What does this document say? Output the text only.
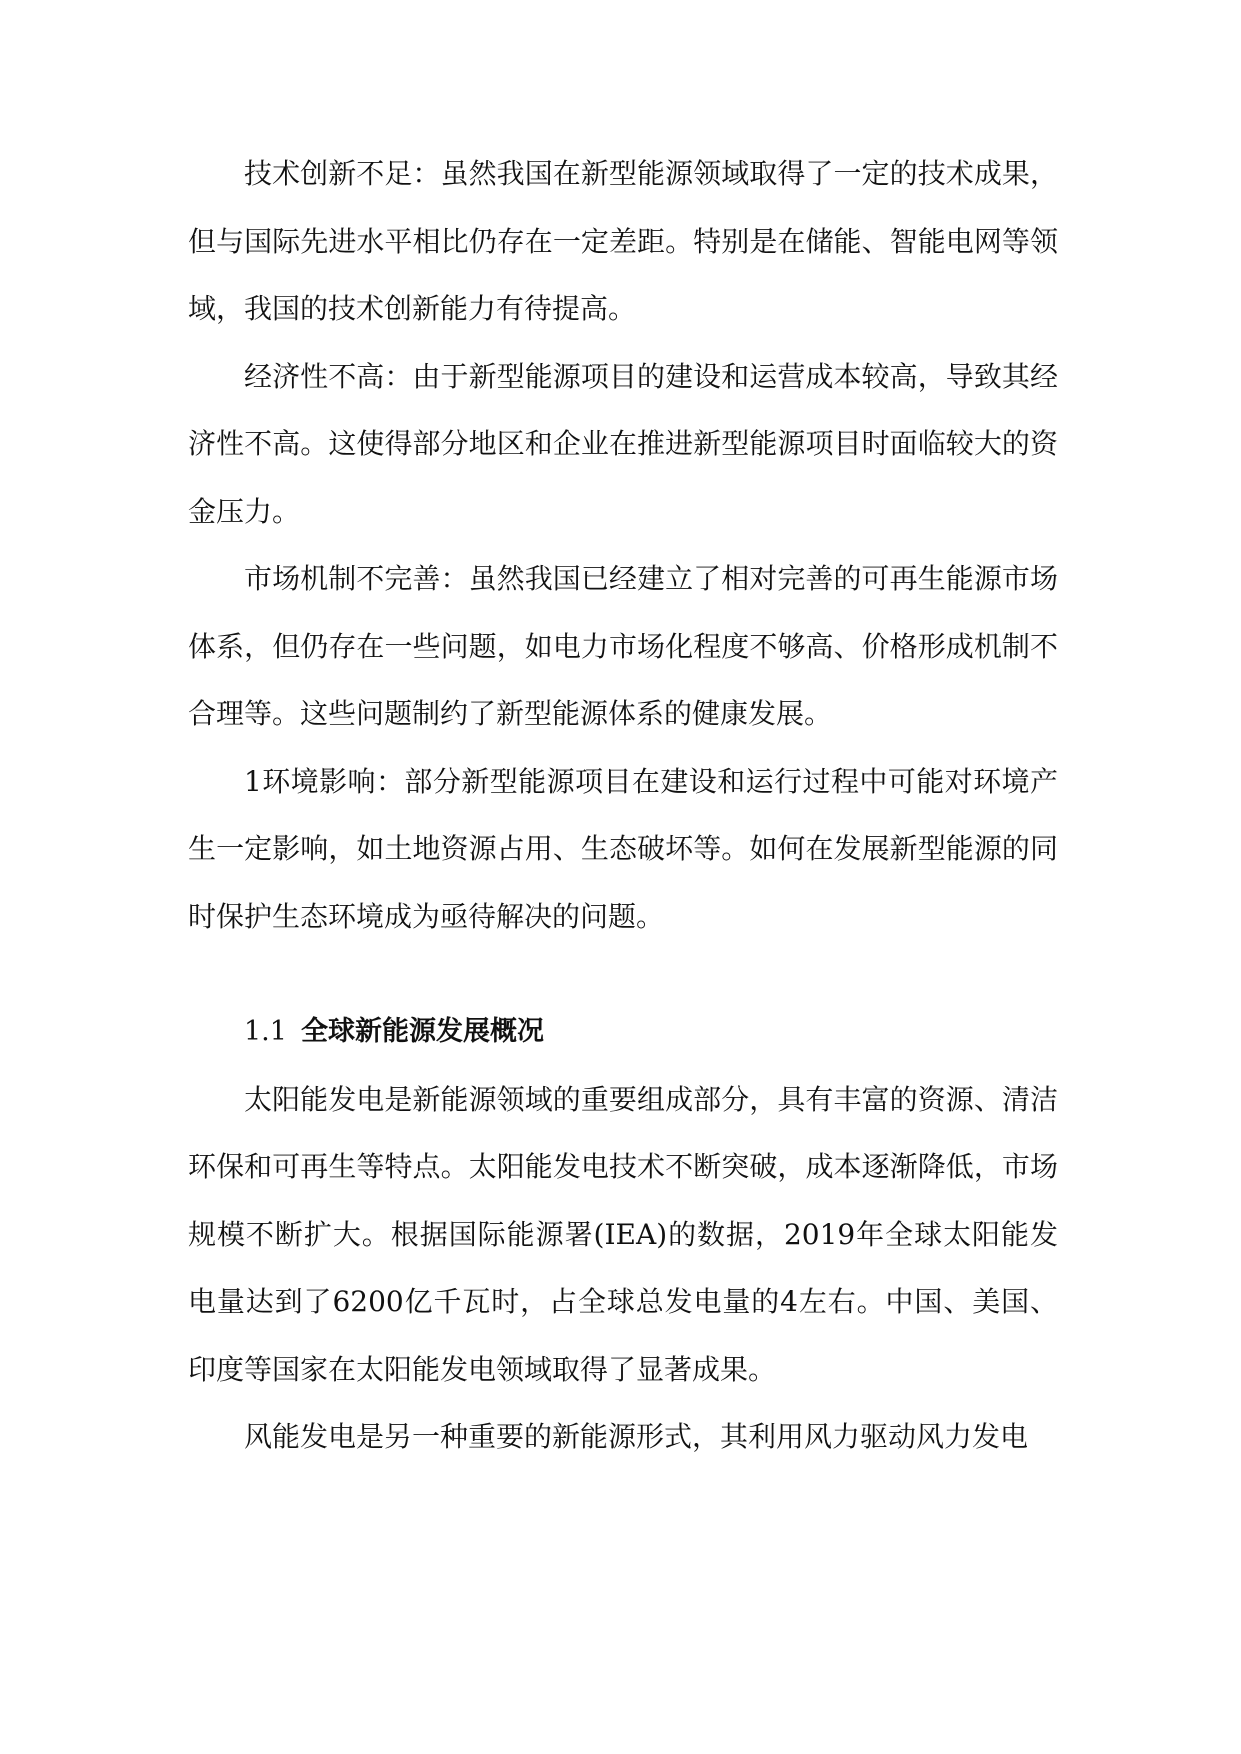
技术创新不足：虽然我国在新型能源领域取得了一定的技术成果，但与国际先进水平相比仍存在一定差距。特别是在储能、智能电网等领域，我国的技术创新能力有待提高。

经济性不高：由于新型能源项目的建设和运营成本较高，导致其经济性不高。这使得部分地区和企业在推进新型能源项目时面临较大的资金压力。

市场机制不完善：虽然我国已经建立了相对完善的可再生能源市场体系，但仍存在一些问题，如电力市场化程度不够高、价格形成机制不合理等。这些问题制约了新型能源体系的健康发展。

1环境影响：部分新型能源项目在建设和运行过程中可能对环境产生一定影响，如土地资源占用、生态破坏等。如何在发展新型能源的同时保护生态环境成为亟待解决的问题。

1.1 全球新能源发展概况

太阳能发电是新能源领域的重要组成部分，具有丰富的资源、清洁环保和可再生等特点。太阳能发电技术不断突破，成本逐渐降低，市场规模不断扩大。根据国际能源署(IEA)的数据，2019年全球太阳能发电量达到了6200亿千瓦时，占全球总发电量的4左右。中国、美国、印度等国家在太阳能发电领域取得了显著成果。

风能发电是另一种重要的新能源形式，其利用风力驱动风力发电
